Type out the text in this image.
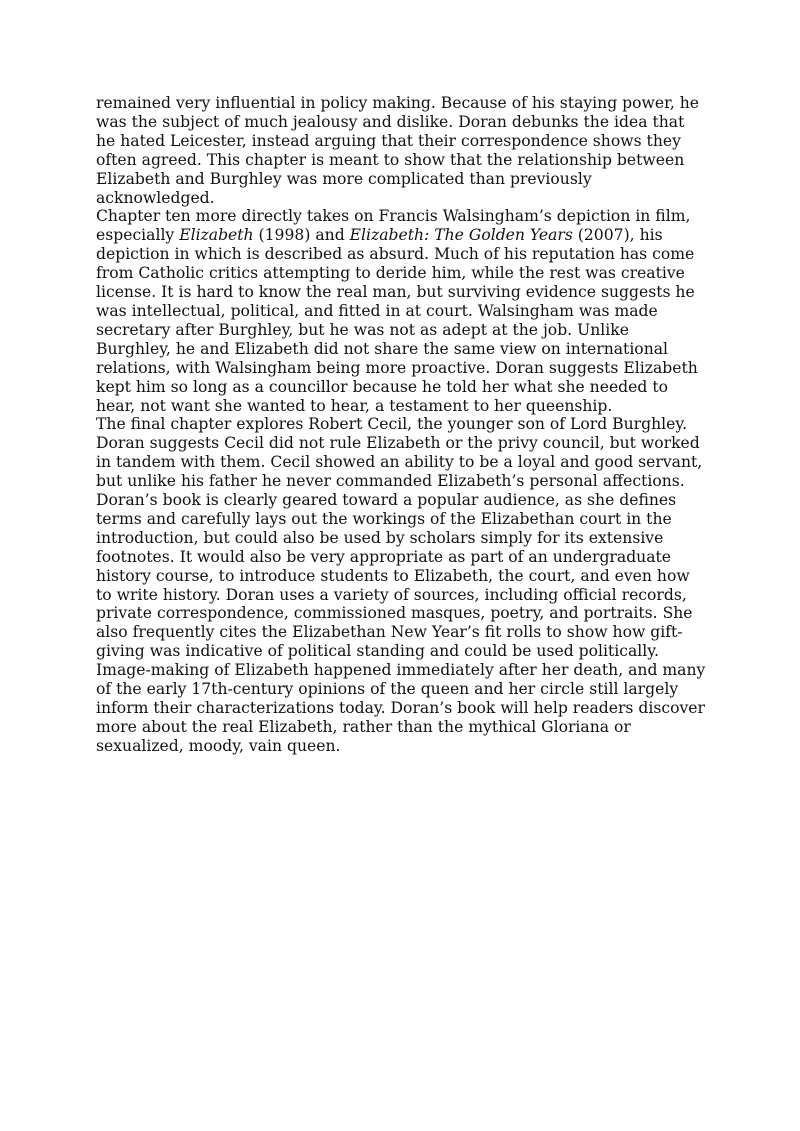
remained very influential in policy making. Because of his staying power, he was the subject of much jealousy and dislike. Doran debunks the idea that he hated Leicester, instead arguing that their correspondence shows they often agreed. This chapter is meant to show that the relationship between Elizabeth and Burghley was more complicated than previously acknowledged.

Chapter ten more directly takes on Francis Walsingham’s depiction in film, especially Elizabeth (1998) and Elizabeth: The Golden Years (2007), his depiction in which is described as absurd. Much of his reputation has come from Catholic critics attempting to deride him, while the rest was creative license. It is hard to know the real man, but surviving evidence suggests he was intellectual, political, and fitted in at court. Walsingham was made secretary after Burghley, but he was not as adept at the job. Unlike Burghley, he and Elizabeth did not share the same view on international relations, with Walsingham being more proactive. Doran suggests Elizabeth kept him so long as a councillor because he told her what she needed to hear, not want she wanted to hear, a testament to her queenship.

The final chapter explores Robert Cecil, the younger son of Lord Burghley. Doran suggests Cecil did not rule Elizabeth or the privy council, but worked in tandem with them. Cecil showed an ability to be a loyal and good servant, but unlike his father he never commanded Elizabeth’s personal affections.

Doran’s book is clearly geared toward a popular audience, as she defines terms and carefully lays out the workings of the Elizabethan court in the introduction, but could also be used by scholars simply for its extensive footnotes. It would also be very appropriate as part of an undergraduate history course, to introduce students to Elizabeth, the court, and even how to write history. Doran uses a variety of sources, including official records, private correspondence, commissioned masques, poetry, and portraits. She also frequently cites the Elizabethan New Year’s fit rolls to show how gift-giving was indicative of political standing and could be used politically. Image-making of Elizabeth happened immediately after her death, and many of the early 17th-century opinions of the queen and her circle still largely inform their characterizations today. Doran’s book will help readers discover more about the real Elizabeth, rather than the mythical Gloriana or sexualized, moody, vain queen.
